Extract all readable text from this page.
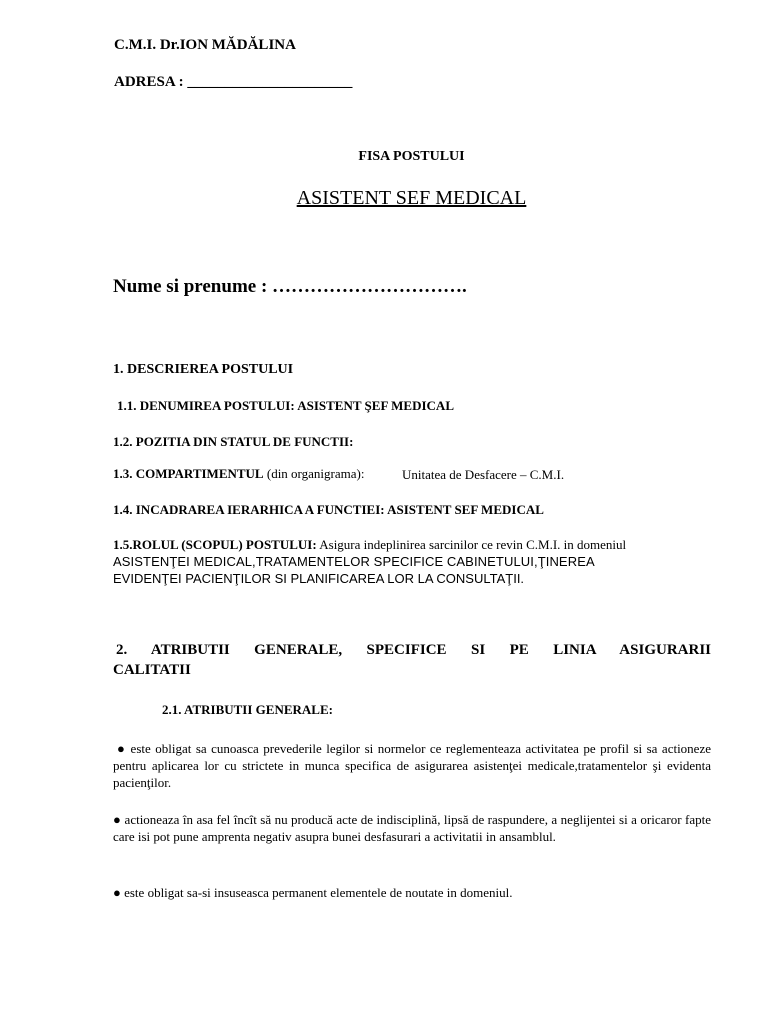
C.M.I. Dr.ION MĂDĂLINA
ADRESA : ______________________
FISA POSTULUI
ASISTENT SEF MEDICAL
Nume si prenume : ………………………….
1. DESCRIEREA POSTULUI
1.1. DENUMIREA POSTULUI: ASISTENT ŞEF MEDICAL
1.2. POZITIA DIN STATUL DE FUNCTII:
1.3. COMPARTIMENTUL (din organigrama):	Unitatea de Desfacere – C.M.I.
1.4. INCADRAREA IERARHICA A FUNCTIEI: ASISTENT SEF MEDICAL
1.5.ROLUL (SCOPUL) POSTULUI: Asigura indeplinirea sarcinilor ce revin C.M.I. in domeniul
ASISTENŢEI MEDICAL,TRATAMENTELOR SPECIFICE CABINETULUI,ŢINEREA
EVIDENŢEI PACIENŢILOR SI PLANIFICAREA LOR LA CONSULTAŢII.
2. ATRIBUTII GENERALE, SPECIFICE SI PE LINIA ASIGURARII
CALITATII
2.1. ATRIBUTII GENERALE:
● este obligat sa cunoasca prevederile legilor si normelor ce reglementeaza activitatea pe profil si sa actioneze pentru aplicarea lor cu strictete in munca specifica de asigurarea asistenţei medicale,tratamentelor şi evidenta pacienţilor.
● actioneaza în asa fel încît să nu producă acte de indisciplină, lipsă de raspundere, a neglijentei si a oricaror fapte care isi pot pune amprenta negativ asupra bunei desfasurari a activitatii in ansamblul.
● este obligat sa-si insuseasca permanent elementele de noutate in domeniul.
